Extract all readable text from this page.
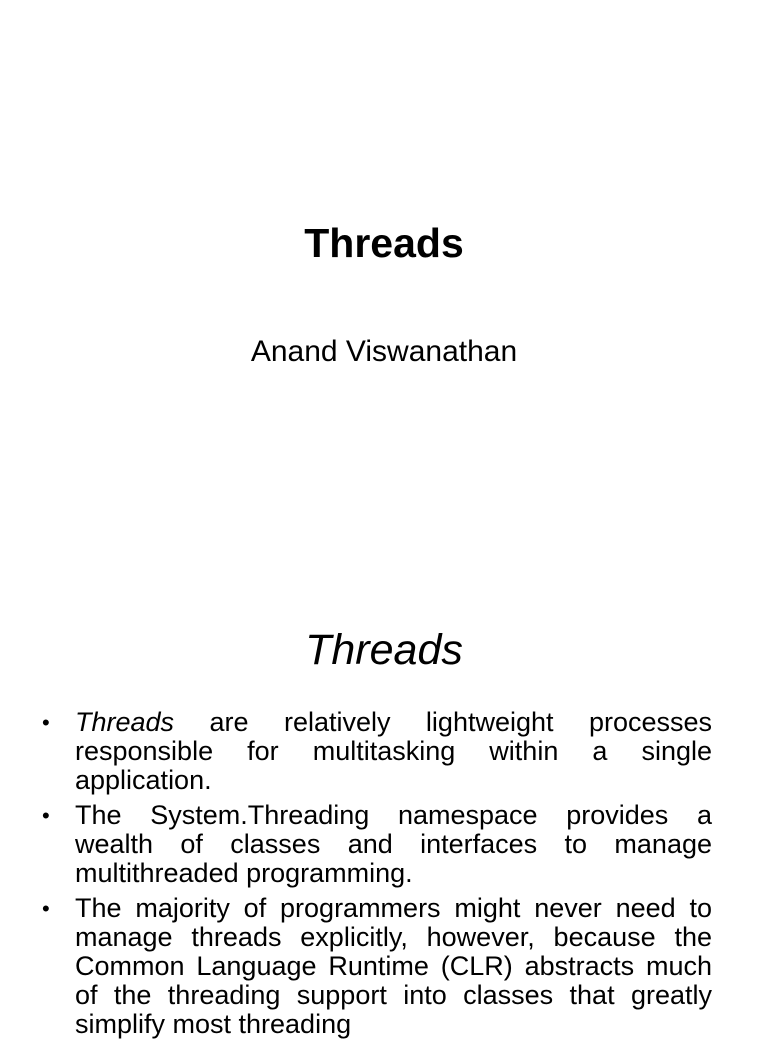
Threads
Anand Viswanathan
Threads
• Threads are relatively lightweight processes responsible for multitasking within a single application.
• The System.Threading namespace provides a wealth of classes and interfaces to manage multithreaded programming.
• The majority of programmers might never need to manage threads explicitly, however, because the Common Language Runtime (CLR) abstracts much of the threading support into classes that greatly simplify most threading
